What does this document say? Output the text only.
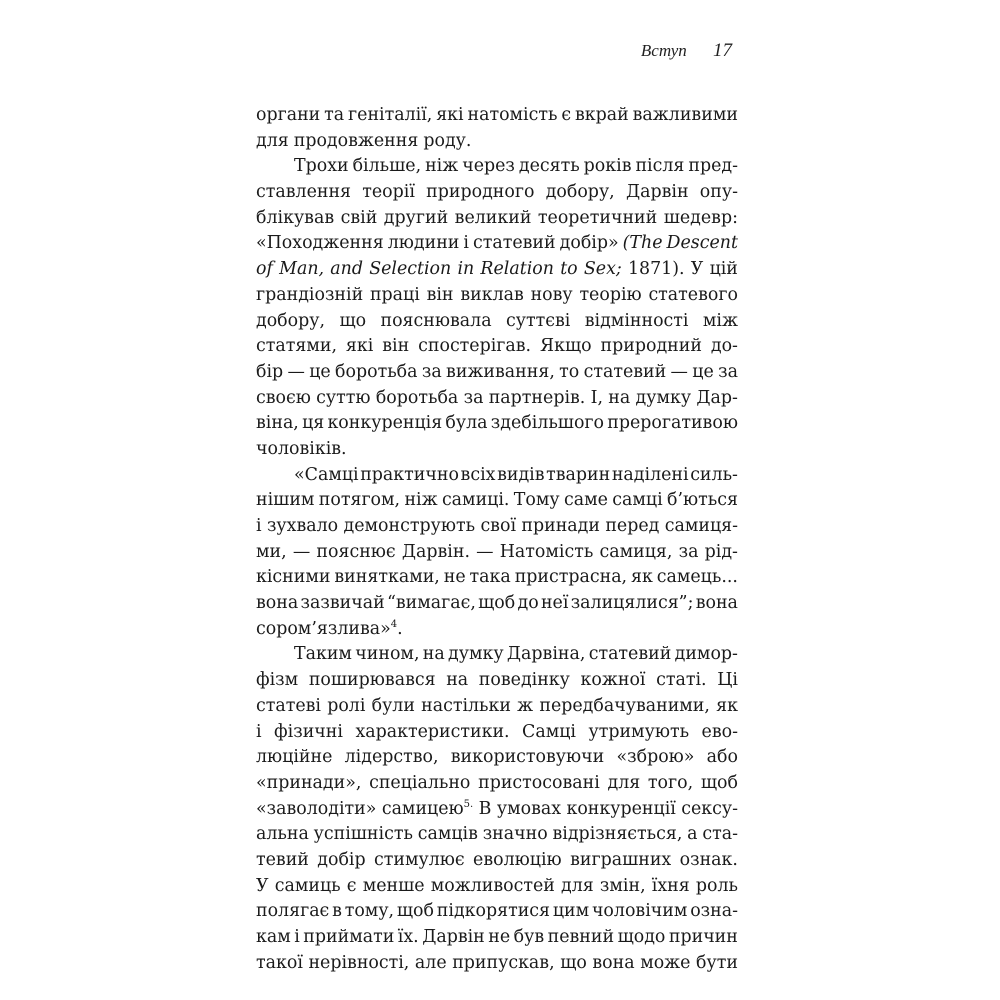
Вступ 17
органи та геніталії, які натомість є вкрай важливими
для продовження роду.
Трохи більше, ніж через десять років після пред-
ставлення теорії природного добору, Дарвін опу-
блікував свій другий великий теоретичний шедевр:
«Походження людини і статевий добір» (The Descent
of Man, and Selection in Relation to Sex; 1871). У цій
грандіозній праці він виклав нову теорію статевого
добору, що пояснювала суттєві відмінності між
статями, які він спостерігав. Якщо природний до-
бір — це боротьба за виживання, то статевий — це за
своєю суттю боротьба за партнерів. І, на думку Дар-
віна, ця конкуренція була здебільшого прерогативою
чоловіків.
«Самці практично всіх видів тварин наділені силь-
нішим потягом, ніж самиці. Тому саме самці б’ються
і зухвало демонструють свої принади перед самиця-
ми, — пояснює Дарвін. — Натомість самиця, за рід-
кісними винятками, не така пристрасна, як самець...
вона зазвичай “вимагає, щоб до неї залицялися”; вона
сором’язлива»$^4$.
Таким чином, на думку Дарвіна, статевий димор-
фізм поширювався на поведінку кожної статі. Ці
статеві ролі були настільки ж передбачуваними, як
і фізичні характеристики. Самці утримують ево-
люційне лідерство, використовуючи «зброю» або
«принади», спеціально пристосовані для того, щоб
«заволодіти» самицею$^{5.}$ В умовах конкуренції сексу-
альна успішність самців значно відрізняється, а ста-
тевий добір стимулює еволюцію виграшних ознак.
У самиць є менше можливостей для змін, їхня роль
полягає в тому, щоб підкорятися цим чоловічим озна-
кам і приймати їх. Дарвін не був певний щодо причин
такої нерівності, але припускав, що вона може бути
